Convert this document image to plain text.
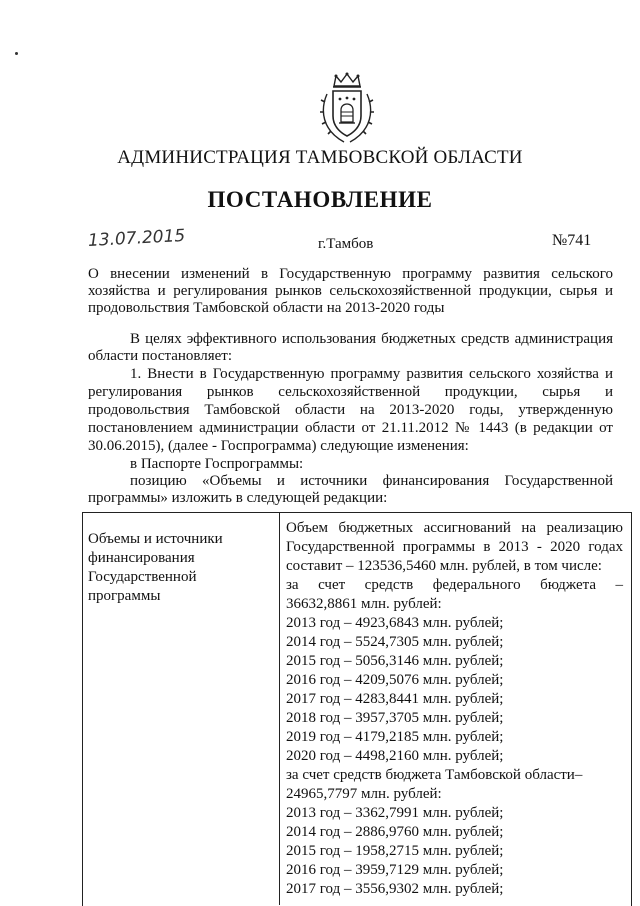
АДМИНИСТРАЦИЯ ТАМБОВСКОЙ ОБЛАСТИ
ПОСТАНОВЛЕНИЕ
13.07.2015	г.Тамбов	№741
О внесении изменений в Государственную программу развития сельского
хозяйства и регулирования рынков сельскохозяйственной продукции, сырья и
продовольствия Тамбовской области на 2013-2020 годы
В целях эффективного использования бюджетных средств администрация
области постановляет:
1. Внести в Государственную программу развития сельского хозяйства и
регулирования рынков сельскохозяйственной продукции, сырья и
продовольствия Тамбовской области на 2013-2020 годы, утвержденную
постановлением администрации области от 21.11.2012 № 1443 (в редакции от
30.06.2015), (далее - Госпрограмма) следующие изменения:
в Паспорте Госпрограммы:
позицию «Объемы и источники финансирования Государственной
программы» изложить в следующей редакции:
Объемы и источники
финансирования
Государственной
программы
Объем бюджетных ассигнований на реализацию
Государственной программы в 2013 - 2020 годах
составит – 123536,5460 млн. рублей, в том числе:
за счет средств федерального бюджета –
36632,8861 млн. рублей:
2013 год – 4923,6843 млн. рублей;
2014 год – 5524,7305 млн. рублей;
2015 год – 5056,3146 млн. рублей;
2016 год – 4209,5076 млн. рублей;
2017 год – 4283,8441 млн. рублей;
2018 год – 3957,3705 млн. рублей;
2019 год – 4179,2185 млн. рублей;
2020 год – 4498,2160 млн. рублей;
за счет средств бюджета Тамбовской области–
24965,7797 млн. рублей:
2013 год – 3362,7991 млн. рублей;
2014 год – 2886,9760 млн. рублей;
2015 год – 1958,2715 млн. рублей;
2016 год – 3959,7129 млн. рублей;
2017 год – 3556,9302 млн. рублей;
